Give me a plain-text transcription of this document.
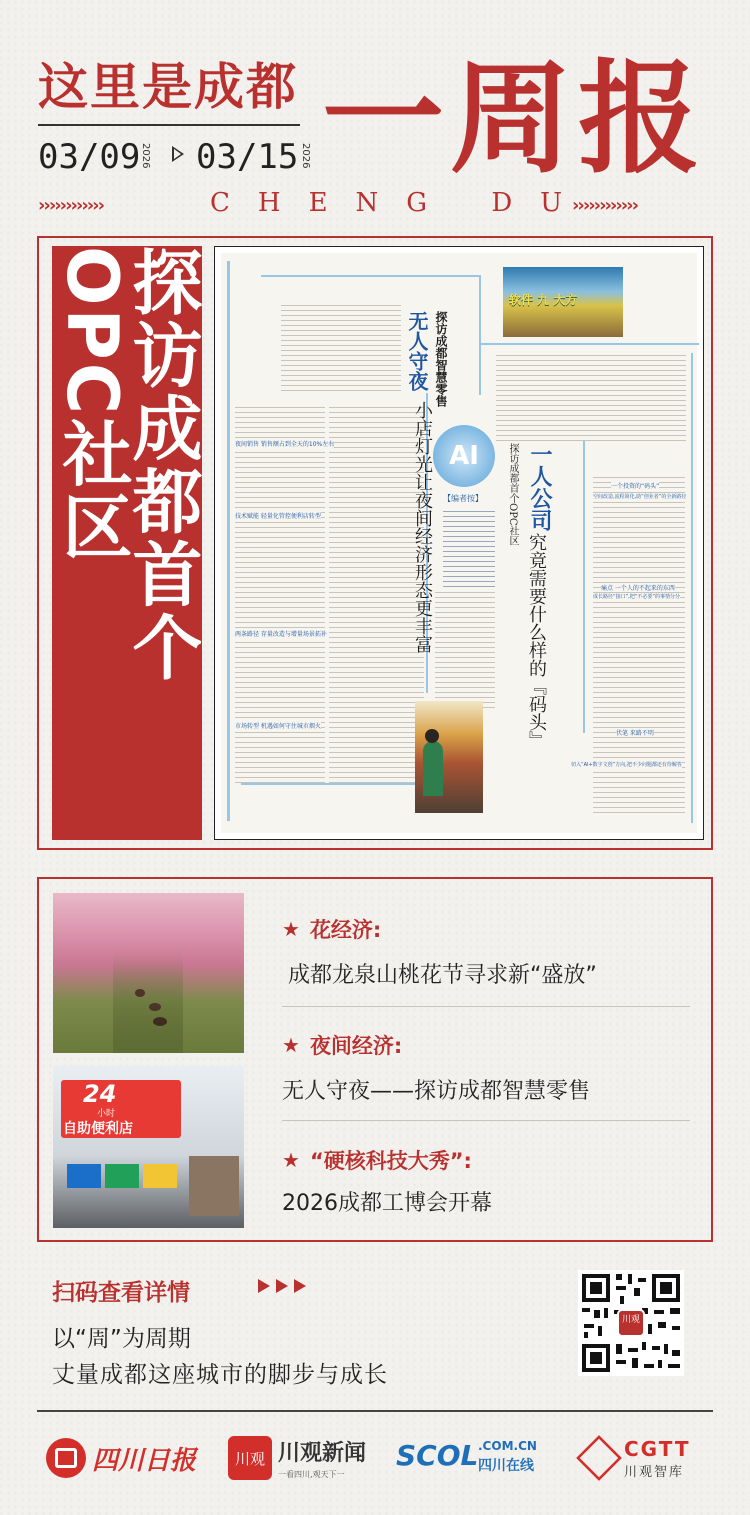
这里是成都
03/09 2026 03/15 2026 一周报
››››››››››››	CHENG DU
››››››››››››
探访成都首个OPC社区	夜间销售 销售额占到全天的10%左右
技术赋能 轻量化管控便利店转型
两条路径 存量改造与增量场景拓补
市场转型 机遇如何守住城市烟火
一个投资的“码头”
空间改造,流程简化,助“创业者”的全新路径
痛点 一个人的不起来的东西
成长路径“接口”,把“不必要”的事情分分
伏笔 来路不明
切入“AI+数字文创”方向,把不少问题都还有待解答
探访成都智慧零售
无人守夜
小店灯光让夜间经济形态更丰富 AI
【编者按】 一人公司
究竟需要什么样的『码头』
探访成都首个OPC社区
软件 九 大方
24
小时
自助便利店
★ 花经济:
成都龙泉山桃花节寻求新“盛放”
★ 夜间经济:
无人守夜——探访成都智慧零售
★ “硬核科技大秀”:
2026成都工博会开幕
扫码查看详情
以“周”为周期
丈量成都这座城市的脚步与成长
川观
四川日报	川观 川观新闻
一看四川,观天下一
SCOL .COM.CN
四川在线
CGTT
川观智库
